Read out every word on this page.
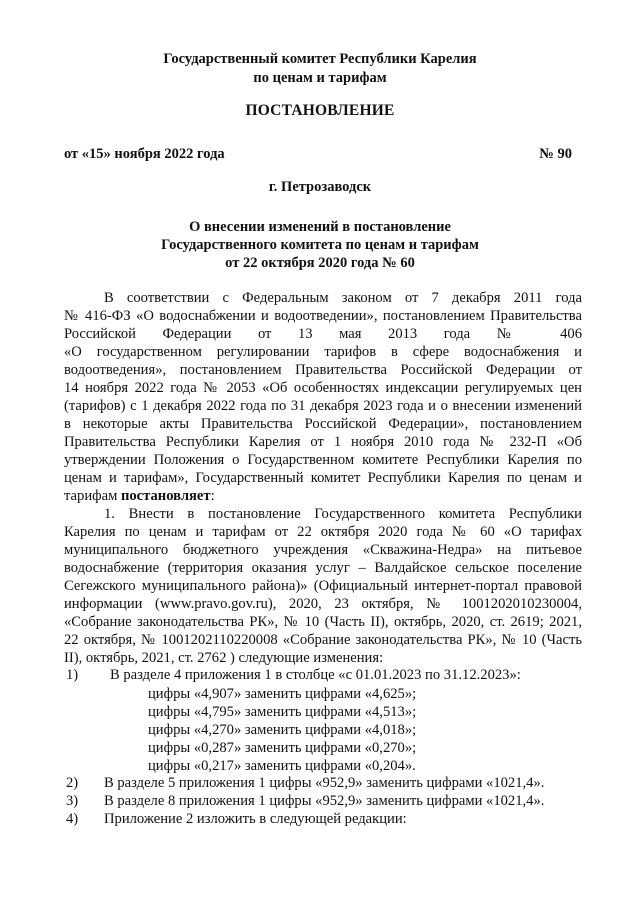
Государственный комитет Республики Карелия
по ценам и тарифам
ПОСТАНОВЛЕНИЕ
от «15» ноября 2022 года	№ 90
г. Петрозаводск
О внесении изменений в постановление
Государственного комитета по ценам и тарифам
от 22 октября 2020 года № 60
В соответствии с Федеральным законом от 7 декабря 2011 года
№ 416-ФЗ «О водоснабжении и водоотведении», постановлением Правительства
Российской Федерации от 13 мая 2013 года № 406
«О государственном регулировании тарифов в сфере водоснабжения и
водоотведения», постановлением Правительства Российской Федерации от
14 ноября 2022 года № 2053 «Об особенностях индексации регулируемых цен
(тарифов) с 1 декабря 2022 года по 31 декабря 2023 года и о внесении изменений
в некоторые акты Правительства Российской Федерации», постановлением
Правительства Республики Карелия от 1 ноября 2010 года № 232-П «Об
утверждении Положения о Государственном комитете Республики Карелия по
ценам и тарифам», Государственный комитет Республики Карелия по ценам и
тарифам постановляет:
1. Внести в постановление Государственного комитета Республики
Карелия по ценам и тарифам от 22 октября 2020 года № 60 «О тарифах
муниципального бюджетного учреждения «Скважина-Недра» на питьевое
водоснабжение (территория оказания услуг – Валдайское сельское поселение
Сегежского муниципального района)» (Официальный интернет-портал правовой
информации (www.pravo.gov.ru), 2020, 23 октября, № 1001202010230004,
«Собрание законодательства РК», № 10 (Часть II), октябрь, 2020, ст. 2619; 2021,
22 октября, № 1001202110220008 «Собрание законодательства РК», № 10 (Часть
II), октябрь, 2021, ст. 2762 ) следующие изменения:
1) В разделе 4 приложения 1 в столбце «с 01.01.2023 по 31.12.2023»:
цифры «4,907» заменить цифрами «4,625»;
цифры «4,795» заменить цифрами «4,513»;
цифры «4,270» заменить цифрами «4,018»;
цифры «0,287» заменить цифрами «0,270»;
цифры «0,217» заменить цифрами «0,204».
2) В разделе 5 приложения 1 цифры «952,9» заменить цифрами «1021,4».
3) В разделе 8 приложения 1 цифры «952,9» заменить цифрами «1021,4».
4) Приложение 2 изложить в следующей редакции:
